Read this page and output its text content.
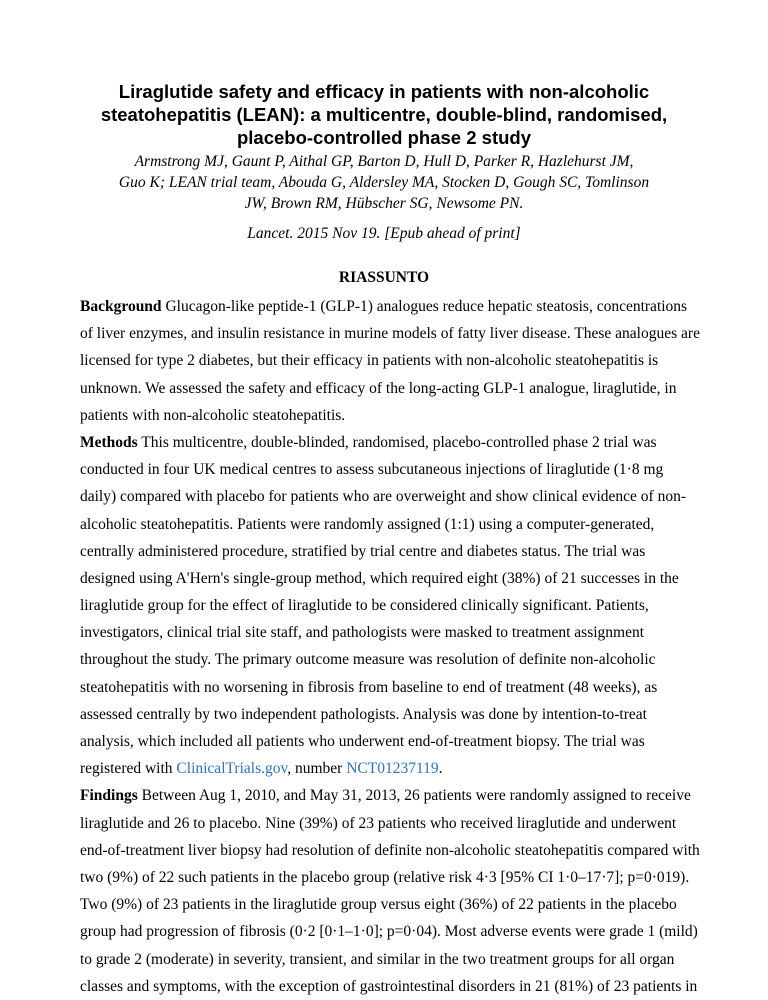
Liraglutide safety and efficacy in patients with non-alcoholic
steatohepatitis (LEAN): a multicentre, double-blind, randomised,
placebo-controlled phase 2 study
Armstrong MJ, Gaunt P, Aithal GP, Barton D, Hull D, Parker R, Hazlehurst JM,
Guo K; LEAN trial team, Abouda G, Aldersley MA, Stocken D, Gough SC, Tomlinson
JW, Brown RM, Hübscher SG, Newsome PN.
Lancet. 2015 Nov 19. [Epub ahead of print]
RIASSUNTO
Background Glucagon-like peptide-1 (GLP-1) analogues reduce hepatic steatosis, concentrations
of liver enzymes, and insulin resistance in murine models of fatty liver disease. These analogues are
licensed for type 2 diabetes, but their efficacy in patients with non-alcoholic steatohepatitis is
unknown. We assessed the safety and efficacy of the long-acting GLP-1 analogue, liraglutide, in
patients with non-alcoholic steatohepatitis.
Methods This multicentre, double-blinded, randomised, placebo-controlled phase 2 trial was
conducted in four UK medical centres to assess subcutaneous injections of liraglutide (1·8 mg
daily) compared with placebo for patients who are overweight and show clinical evidence of non-
alcoholic steatohepatitis. Patients were randomly assigned (1:1) using a computer-generated,
centrally administered procedure, stratified by trial centre and diabetes status. The trial was
designed using A'Hern's single-group method, which required eight (38%) of 21 successes in the
liraglutide group for the effect of liraglutide to be considered clinically significant. Patients,
investigators, clinical trial site staff, and pathologists were masked to treatment assignment
throughout the study. The primary outcome measure was resolution of definite non-alcoholic
steatohepatitis with no worsening in fibrosis from baseline to end of treatment (48 weeks), as
assessed centrally by two independent pathologists. Analysis was done by intention-to-treat
analysis, which included all patients who underwent end-of-treatment biopsy. The trial was
registered with ClinicalTrials.gov, number NCT01237119.
Findings Between Aug 1, 2010, and May 31, 2013, 26 patients were randomly assigned to receive
liraglutide and 26 to placebo. Nine (39%) of 23 patients who received liraglutide and underwent
end-of-treatment liver biopsy had resolution of definite non-alcoholic steatohepatitis compared with
two (9%) of 22 such patients in the placebo group (relative risk 4·3 [95% CI 1·0–17·7]; p=0·019).
Two (9%) of 23 patients in the liraglutide group versus eight (36%) of 22 patients in the placebo
group had progression of fibrosis (0·2 [0·1–1·0]; p=0·04). Most adverse events were grade 1 (mild)
to grade 2 (moderate) in severity, transient, and similar in the two treatment groups for all organ
classes and symptoms, with the exception of gastrointestinal disorders in 21 (81%) of 23 patients in
